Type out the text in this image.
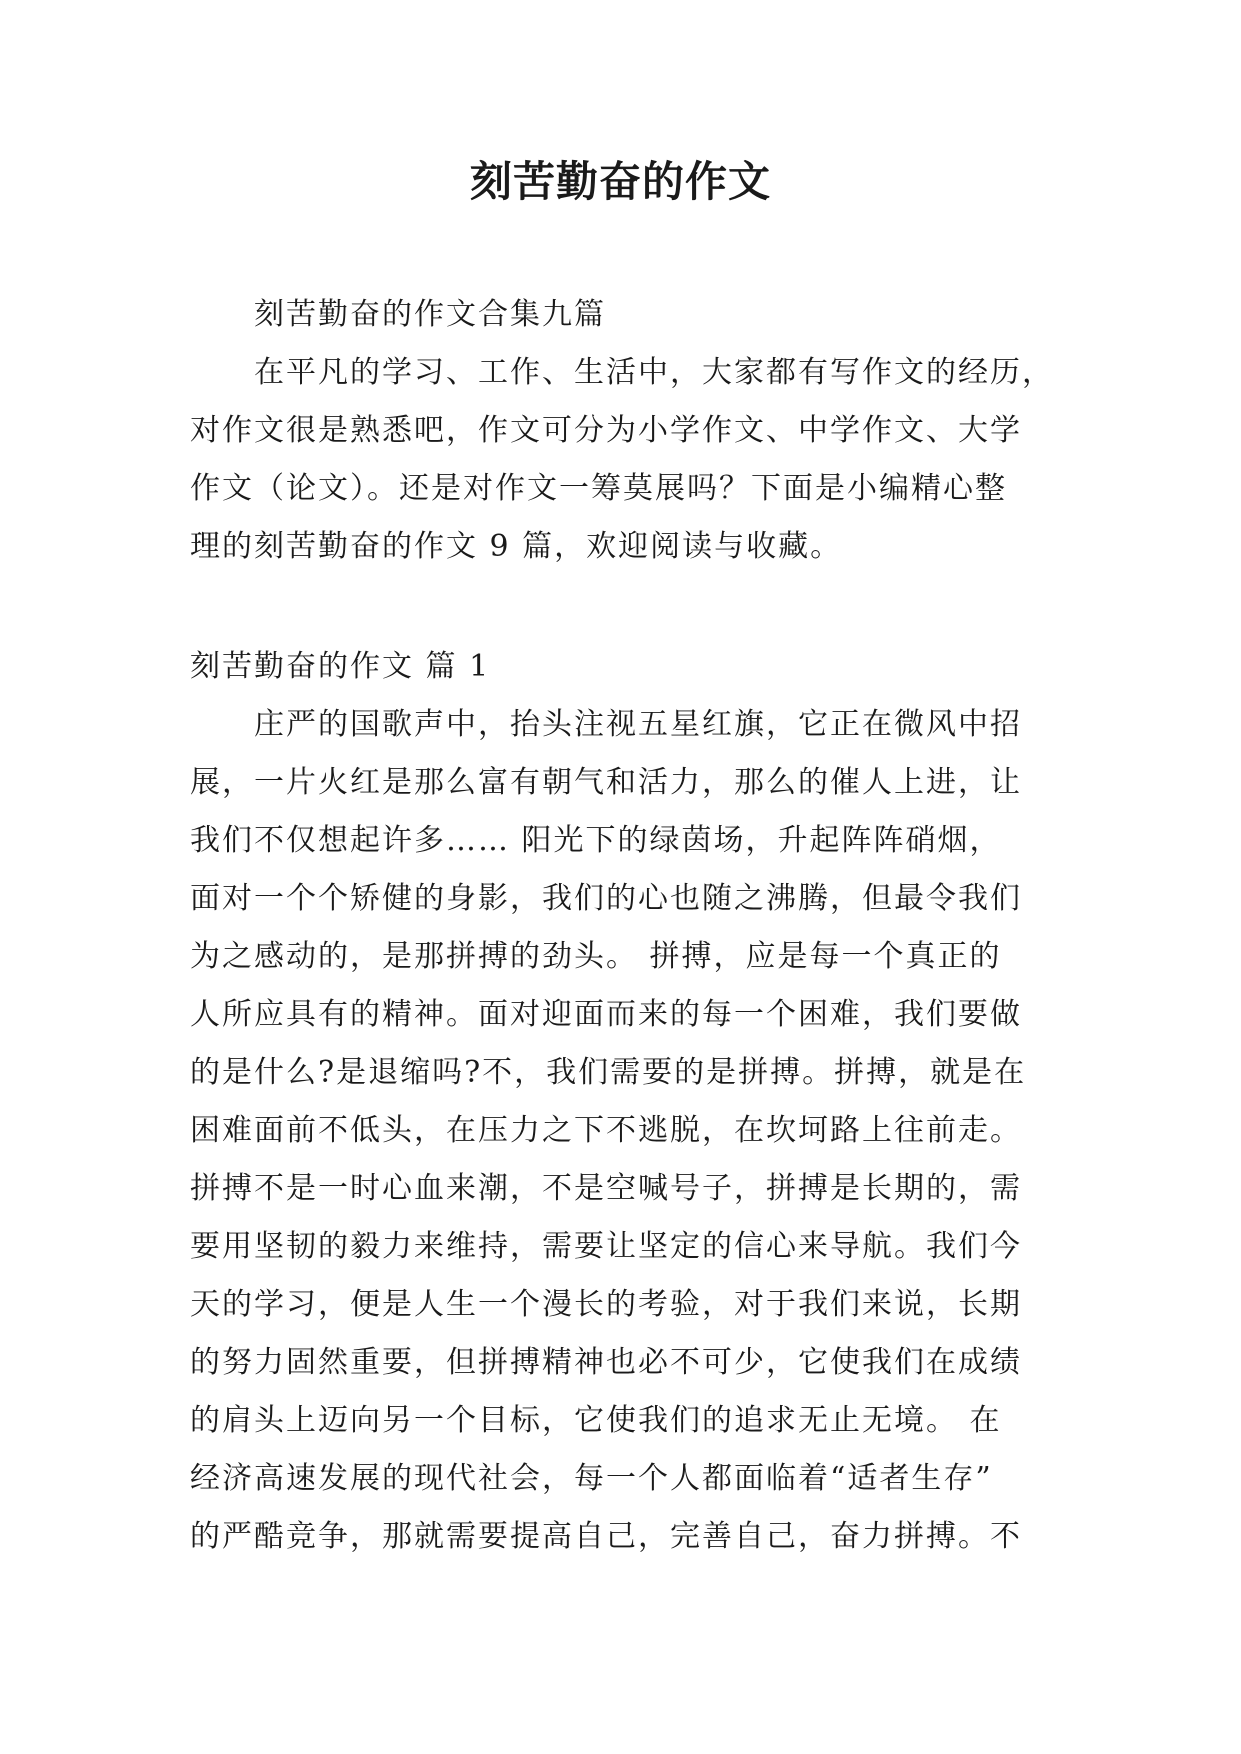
刻苦勤奋的作文
刻苦勤奋的作文合集九篇
在平凡的学习、工作、生活中，大家都有写作文的经历，
对作文很是熟悉吧，作文可分为小学作文、中学作文、大学
作文（论文）。还是对作文一筹莫展吗？下面是小编精心整
理的刻苦勤奋的作文 9 篇，欢迎阅读与收藏。
刻苦勤奋的作文 篇 1
庄严的国歌声中，抬头注视五星红旗，它正在微风中招
展，一片火红是那么富有朝气和活力，那么的催人上进，让
我们不仅想起许多…… 阳光下的绿茵场，升起阵阵硝烟，
面对一个个矫健的身影，我们的心也随之沸腾，但最令我们
为之感动的，是那拼搏的劲头。 拼搏，应是每一个真正的
人所应具有的精神。面对迎面而来的每一个困难，我们要做
的是什么?是退缩吗?不，我们需要的是拼搏。拼搏，就是在
困难面前不低头，在压力之下不逃脱，在坎坷路上往前走。
拼搏不是一时心血来潮，不是空喊号子，拼搏是长期的，需
要用坚韧的毅力来维持，需要让坚定的信心来导航。我们今
天的学习，便是人生一个漫长的考验，对于我们来说，长期
的努力固然重要，但拼搏精神也必不可少，它使我们在成绩
的肩头上迈向另一个目标，它使我们的追求无止无境。 在
经济高速发展的现代社会，每一个人都面临着“适者生存”
的严酷竞争，那就需要提高自己，完善自己，奋力拼搏。不
